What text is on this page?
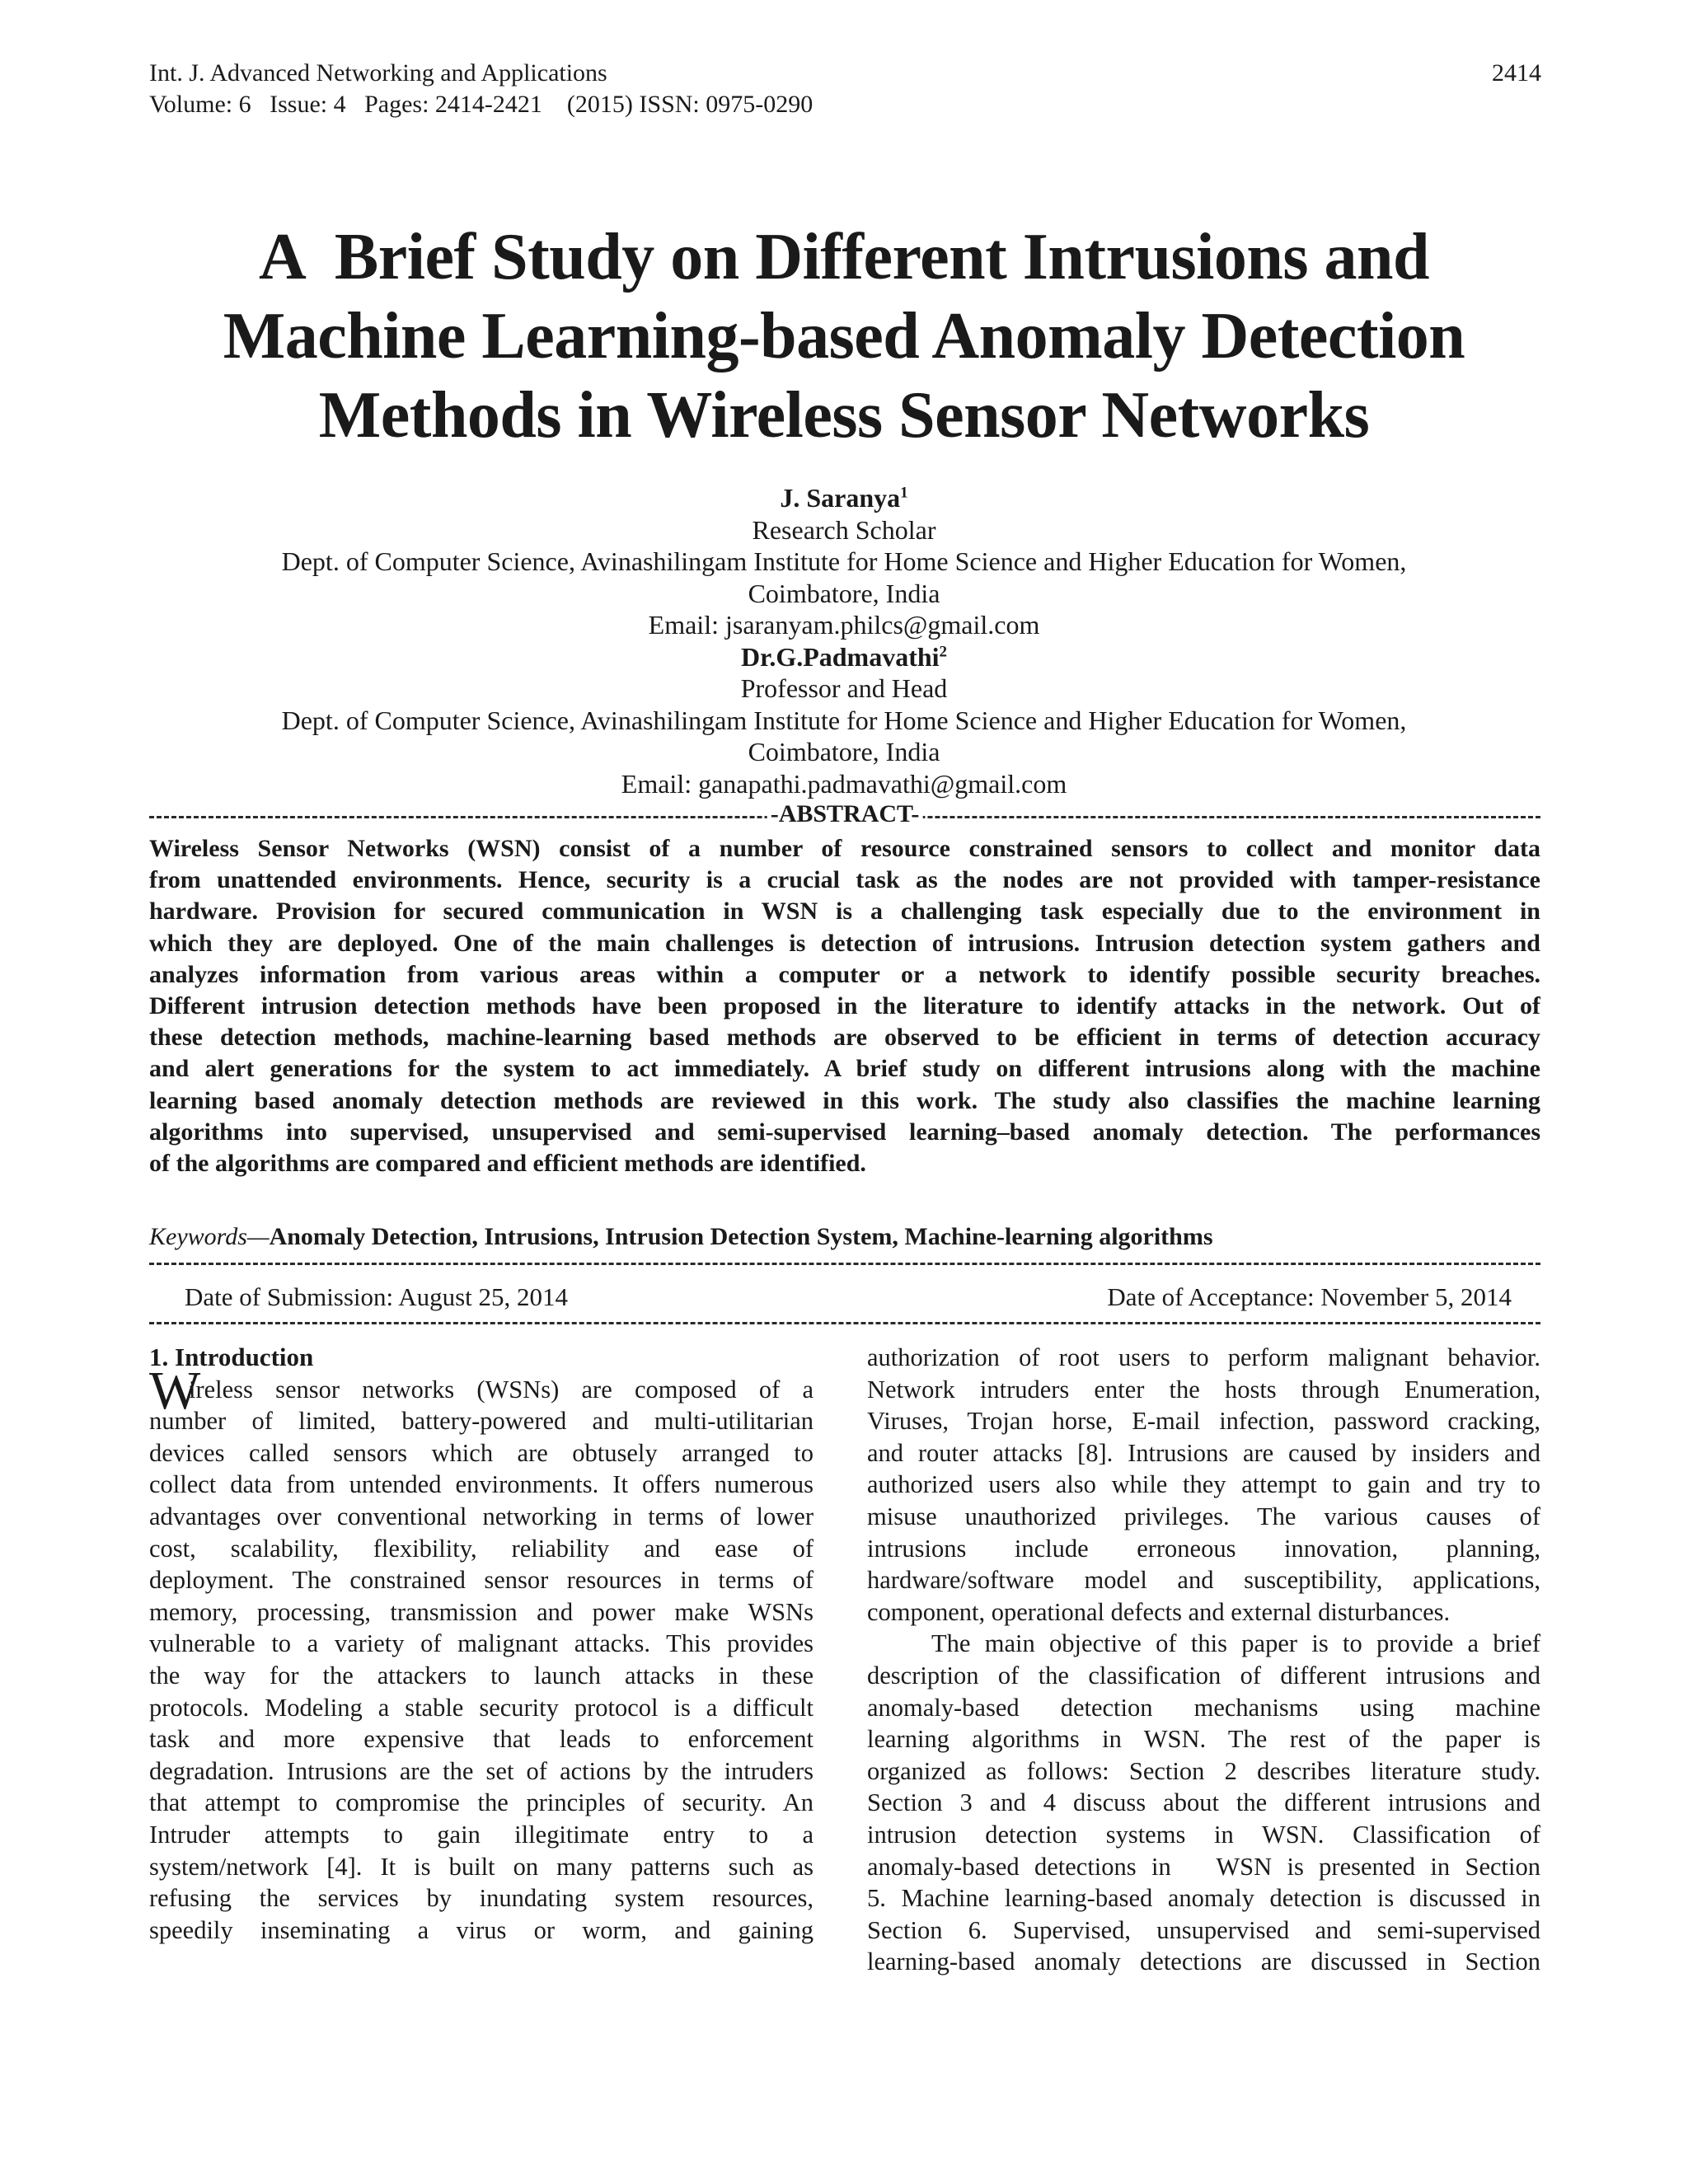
Int. J. Advanced Networking and Applications
Volume: 6   Issue: 4   Pages: 2414-2421    (2015) ISSN: 0975-0290
2414
A  Brief Study on Different Intrusions and
Machine Learning-based Anomaly Detection
Methods in Wireless Sensor Networks
J. Saranya$^1$
Research Scholar
Dept. of Computer Science, Avinashilingam Institute for Home Science and Higher Education for Women,
Coimbatore, India
Email: jsaranyam.philcs@gmail.com
Dr.G.Padmavathi$^2$
Professor and Head
Dept. of Computer Science, Avinashilingam Institute for Home Science and Higher Education for Women,
Coimbatore, India
Email: ganapathi.padmavathi@gmail.com
-ABSTRACT-
Wireless Sensor Networks (WSN) consist of a number of resource constrained sensors to collect and monitor data
from unattended environments. Hence, security is a crucial task as the nodes are not provided with tamper-resistance
hardware. Provision for secured communication in WSN is a challenging task especially due to the environment in
which they are deployed. One of the main challenges is detection of intrusions. Intrusion detection system gathers and
analyzes information from various areas within a computer or a network to identify possible security breaches.
Different intrusion detection methods have been proposed in the literature to identify attacks in the network. Out of
these detection methods, machine-learning based methods are observed to be efficient in terms of detection accuracy
and alert generations for the system to act immediately. A brief study on different intrusions along with the machine
learning based anomaly detection methods are reviewed in this work. The study also classifies the machine learning
algorithms into supervised, unsupervised and semi-supervised learning–based anomaly detection. The performances
of the algorithms are compared and efficient methods are identified.
Keywords—Anomaly Detection, Intrusions, Intrusion Detection System, Machine-learning algorithms
Date of Submission: August 25, 2014	Date of Acceptance: November 5, 2014
1. Introduction
W
ireless sensor networks (WSNs) are composed of a
number of limited, battery-powered and multi-utilitarian
devices called sensors which are obtusely arranged to
collect data from untended environments. It offers numerous
advantages over conventional networking in terms of lower
cost, scalability, flexibility, reliability and ease of
deployment. The constrained sensor resources in terms of
memory, processing, transmission and power make WSNs
vulnerable to a variety of malignant attacks. This provides
the way for the attackers to launch attacks in these
protocols. Modeling a stable security protocol is a difficult
task and more expensive that leads to enforcement
degradation. Intrusions are the set of actions by the intruders
that attempt to compromise the principles of security. An
Intruder attempts to gain illegitimate entry to a
system/network [4]. It is built on many patterns such as
refusing the services by inundating system resources,
speedily inseminating a virus or worm, and gaining
authorization of root users to perform malignant behavior.
Network intruders enter the hosts through Enumeration,
Viruses, Trojan horse, E-mail infection, password cracking,
and router attacks [8]. Intrusions are caused by insiders and
authorized users also while they attempt to gain and try to
misuse unauthorized privileges. The various causes of
intrusions include erroneous innovation, planning,
hardware/software model and susceptibility, applications,
component, operational defects and external disturbances.
The main objective of this paper is to provide a brief
description of the classification of different intrusions and
anomaly-based detection mechanisms using machine
learning algorithms in WSN. The rest of the paper is
organized as follows: Section 2 describes literature study.
Section 3 and 4 discuss about the different intrusions and
intrusion detection systems in WSN. Classification of
anomaly-based detections in   WSN is presented in Section
5. Machine learning-based anomaly detection is discussed in
Section 6. Supervised, unsupervised and semi-supervised
learning-based anomaly detections are discussed in Section
